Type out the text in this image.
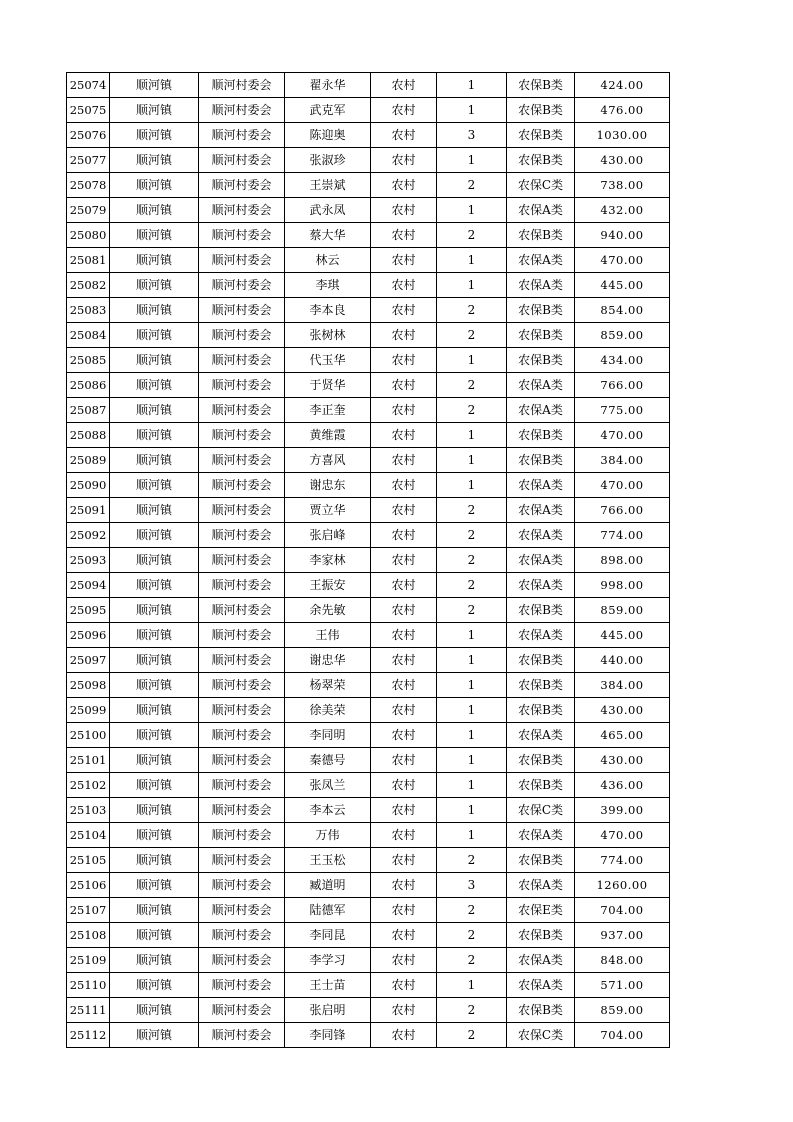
25074	顺河镇	顺河村委会	翟永华	农村	1	农保B类	424.00
25075	顺河镇	顺河村委会	武克军	农村	1	农保B类	476.00
25076	顺河镇	顺河村委会	陈迎奥	农村	3	农保B类	1030.00
25077	顺河镇	顺河村委会	张淑珍	农村	1	农保B类	430.00
25078	顺河镇	顺河村委会	王崇斌	农村	2	农保C类	738.00
25079	顺河镇	顺河村委会	武永凤	农村	1	农保A类	432.00
25080	顺河镇	顺河村委会	蔡大华	农村	2	农保B类	940.00
25081	顺河镇	顺河村委会	林云	农村	1	农保A类	470.00
25082	顺河镇	顺河村委会	李琪	农村	1	农保A类	445.00
25083	顺河镇	顺河村委会	李本良	农村	2	农保B类	854.00
25084	顺河镇	顺河村委会	张树林	农村	2	农保B类	859.00
25085	顺河镇	顺河村委会	代玉华	农村	1	农保B类	434.00
25086	顺河镇	顺河村委会	于贤华	农村	2	农保A类	766.00
25087	顺河镇	顺河村委会	李正奎	农村	2	农保A类	775.00
25088	顺河镇	顺河村委会	黄维霞	农村	1	农保B类	470.00
25089	顺河镇	顺河村委会	方喜风	农村	1	农保B类	384.00
25090	顺河镇	顺河村委会	谢忠东	农村	1	农保A类	470.00
25091	顺河镇	顺河村委会	贾立华	农村	2	农保A类	766.00
25092	顺河镇	顺河村委会	张启峰	农村	2	农保A类	774.00
25093	顺河镇	顺河村委会	李家林	农村	2	农保A类	898.00
25094	顺河镇	顺河村委会	王振安	农村	2	农保A类	998.00
25095	顺河镇	顺河村委会	余先敏	农村	2	农保B类	859.00
25096	顺河镇	顺河村委会	王伟	农村	1	农保A类	445.00
25097	顺河镇	顺河村委会	谢忠华	农村	1	农保B类	440.00
25098	顺河镇	顺河村委会	杨翠荣	农村	1	农保B类	384.00
25099	顺河镇	顺河村委会	徐美荣	农村	1	农保B类	430.00
25100	顺河镇	顺河村委会	李同明	农村	1	农保A类	465.00
25101	顺河镇	顺河村委会	秦德号	农村	1	农保B类	430.00
25102	顺河镇	顺河村委会	张凤兰	农村	1	农保B类	436.00
25103	顺河镇	顺河村委会	李本云	农村	1	农保C类	399.00
25104	顺河镇	顺河村委会	万伟	农村	1	农保A类	470.00
25105	顺河镇	顺河村委会	王玉松	农村	2	农保B类	774.00
25106	顺河镇	顺河村委会	臧道明	农村	3	农保A类	1260.00
25107	顺河镇	顺河村委会	陆德军	农村	2	农保E类	704.00
25108	顺河镇	顺河村委会	李同昆	农村	2	农保B类	937.00
25109	顺河镇	顺河村委会	李学习	农村	2	农保A类	848.00
25110	顺河镇	顺河村委会	王士苗	农村	1	农保A类	571.00
25111	顺河镇	顺河村委会	张启明	农村	2	农保B类	859.00
25112	顺河镇	顺河村委会	李同锋	农村	2	农保C类	704.00
